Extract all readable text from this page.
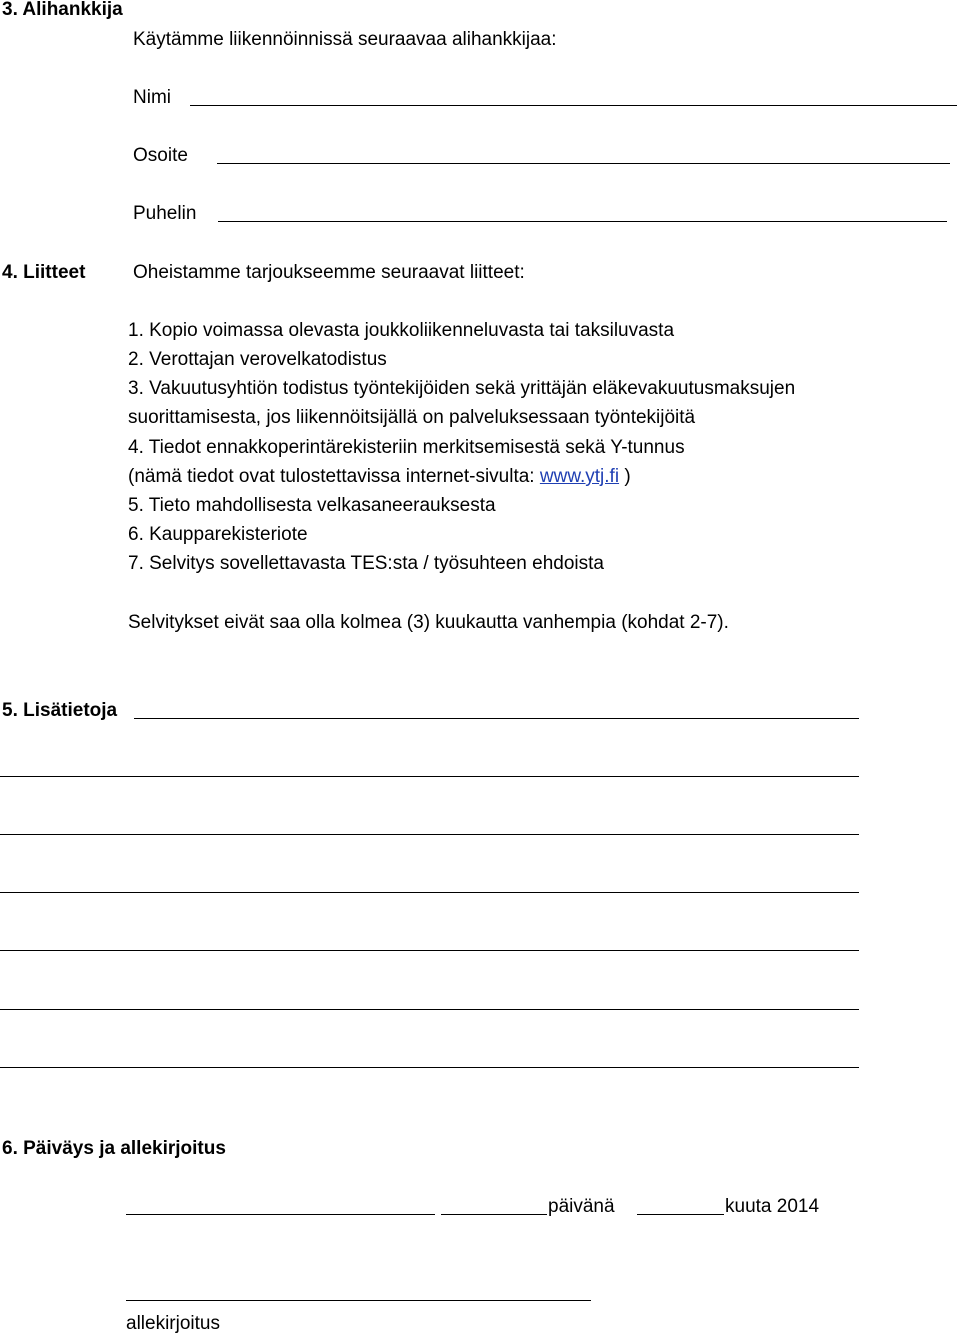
3. Alihankkija
Käytämme liikennöinnissä seuraavaa alihankkijaa:
Nimi
Osoite
Puhelin
4. Liitteet	Oheistamme tarjoukseemme seuraavat liitteet:
1. Kopio voimassa olevasta joukkoliikenneluvasta tai taksiluvasta
2. Verottajan verovelkatodistus
3. Vakuutusyhtiön todistus työntekijöiden sekä yrittäjän eläkevakuutusmaksujen
suorittamisesta, jos liikennöitsijällä on palveluksessaan työntekijöitä
4. Tiedot ennakkoperintärekisteriin merkitsemisestä sekä Y-tunnus
(nämä tiedot ovat tulostettavissa internet-sivulta: www.ytj.fi )
5. Tieto mahdollisesta velkasaneerauksesta
6. Kaupparekisteriote
7. Selvitys sovellettavasta TES:sta / työsuhteen ehdoista
Selvitykset eivät saa olla kolmea (3) kuukautta vanhempia (kohdat 2-7).
5. Lisätietoja
6. Päiväys ja allekirjoitus
päivänä	kuuta 2014
allekirjoitus
